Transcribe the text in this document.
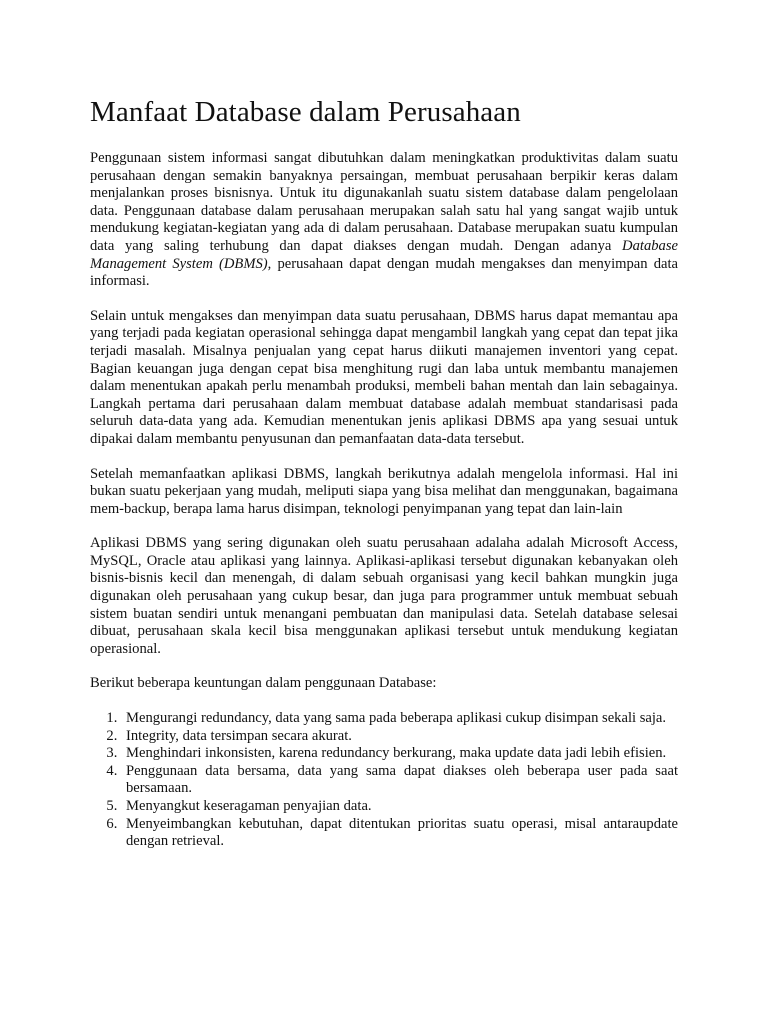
Manfaat Database dalam Perusahaan

Penggunaan sistem informasi sangat dibutuhkan dalam meningkatkan produktivitas dalam suatu perusahaan dengan semakin banyaknya persaingan, membuat perusahaan berpikir keras dalam menjalankan proses bisnisnya. Untuk itu digunakanlah suatu sistem database dalam pengelolaan data. Penggunaan database dalam perusahaan merupakan salah satu hal yang sangat wajib untuk mendukung kegiatan-kegiatan yang ada di dalam perusahaan. Database merupakan suatu kumpulan data yang saling terhubung dan dapat diakses dengan mudah. Dengan adanya Database Management System (DBMS), perusahaan dapat dengan mudah mengakses dan menyimpan data informasi.

Selain untuk mengakses dan menyimpan data suatu perusahaan, DBMS harus dapat memantau apa yang terjadi pada kegiatan operasional sehingga dapat mengambil langkah yang cepat dan tepat jika terjadi masalah. Misalnya penjualan yang cepat harus diikuti manajemen inventori yang cepat. Bagian keuangan juga dengan cepat bisa menghitung rugi dan laba untuk membantu manajemen dalam menentukan apakah perlu menambah produksi, membeli bahan mentah dan lain sebagainya. Langkah pertama dari perusahaan dalam membuat database adalah membuat standarisasi pada seluruh data-data yang ada. Kemudian menentukan jenis aplikasi DBMS apa yang sesuai untuk dipakai dalam membantu penyusunan dan pemanfaatan data-data tersebut.

Setelah memanfaatkan aplikasi DBMS, langkah berikutnya adalah mengelola informasi. Hal ini bukan suatu pekerjaan yang mudah, meliputi siapa yang bisa melihat dan menggunakan, bagaimana mem-backup, berapa lama harus disimpan, teknologi penyimpanan yang tepat dan lain-lain

Aplikasi DBMS yang sering digunakan oleh suatu perusahaan adalaha adalah Microsoft Access, MySQL, Oracle atau aplikasi yang lainnya. Aplikasi-aplikasi tersebut digunakan kebanyakan oleh bisnis-bisnis kecil dan menengah, di dalam sebuah organisasi yang kecil bahkan mungkin juga digunakan oleh perusahaan yang cukup besar, dan juga para programmer untuk membuat sebuah sistem buatan sendiri untuk menangani pembuatan dan manipulasi data. Setelah database selesai dibuat, perusahaan skala kecil bisa menggunakan aplikasi tersebut untuk mendukung kegiatan operasional.

Berikut beberapa keuntungan dalam penggunaan Database:

1. Mengurangi redundancy, data yang sama pada beberapa aplikasi cukup disimpan sekali saja.
2. Integrity, data tersimpan secara akurat.
3. Menghindari inkonsisten, karena redundancy berkurang, maka update data jadi lebih efisien.
4. Penggunaan data bersama, data yang sama dapat diakses oleh beberapa user pada saat bersamaan.
5. Menyangkut keseragaman penyajian data.
6. Menyeimbangkan kebutuhan, dapat ditentukan prioritas suatu operasi, misal antaraupdate dengan retrieval.
